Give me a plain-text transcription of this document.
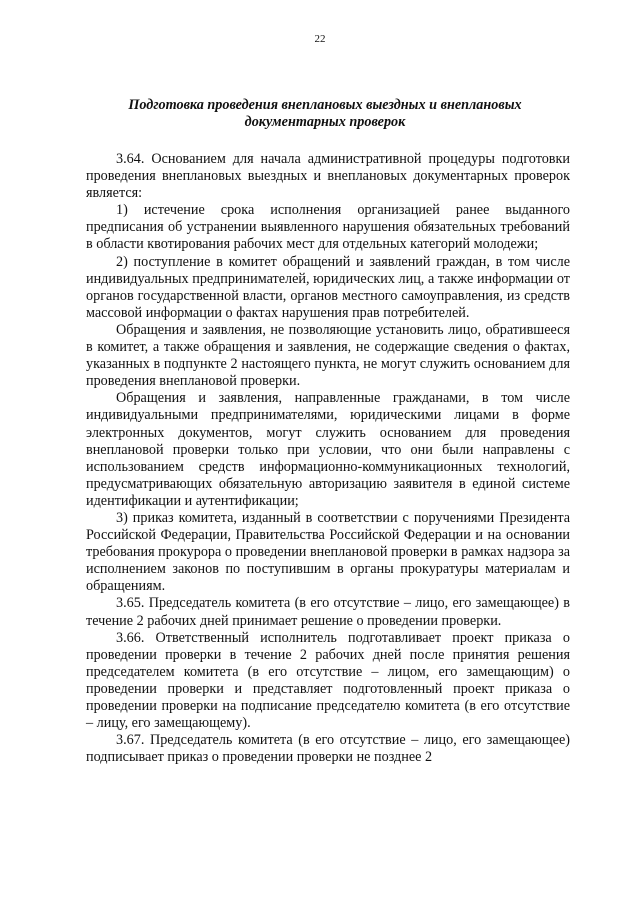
22
Подготовка проведения внеплановых выездных и внеплановых
документарных проверок

3.64. Основанием для начала административной процедуры подготовки проведения внеплановых выездных и внеплановых документарных проверок является:

1) истечение срока исполнения организацией ранее выданного предписания об устранении выявленного нарушения обязательных требований в области квотирования рабочих мест для отдельных категорий молодежи;

2) поступление в комитет обращений и заявлений граждан, в том числе индивидуальных предпринимателей, юридических лиц, а также информации от органов государственной власти, органов местного самоуправления, из средств массовой информации о фактах нарушения прав потребителей.

Обращения и заявления, не позволяющие установить лицо, обратившееся в комитет, а также обращения и заявления, не содержащие сведения о фактах, указанных в подпункте 2 настоящего пункта, не могут служить основанием для проведения внеплановой проверки.

Обращения и заявления, направленные гражданами, в том числе индивидуальными предпринимателями, юридическими лицами в форме электронных документов, могут служить основанием для проведения внеплановой проверки только при условии, что они были направлены с использованием средств информационно-коммуникационных технологий, предусматривающих обязательную авторизацию заявителя в единой системе идентификации и аутентификации;

3) приказ комитета, изданный в соответствии с поручениями Президента Российской Федерации, Правительства Российской Федерации и на основании требования прокурора о проведении внеплановой проверки в рамках надзора за исполнением законов по поступившим в органы прокуратуры материалам и обращениям.

3.65. Председатель комитета (в его отсутствие – лицо, его замещающее) в течение 2 рабочих дней принимает решение о проведении проверки.

3.66. Ответственный исполнитель подготавливает проект приказа о проведении проверки в течение 2 рабочих дней после принятия решения председателем комитета (в его отсутствие – лицом, его замещающим) о проведении проверки и представляет подготовленный проект приказа о проведении проверки на подписание председателю комитета (в его отсутствие – лицу, его замещающему).

3.67. Председатель комитета (в его отсутствие – лицо, его замещающее) подписывает приказ о проведении проверки не позднее 2
